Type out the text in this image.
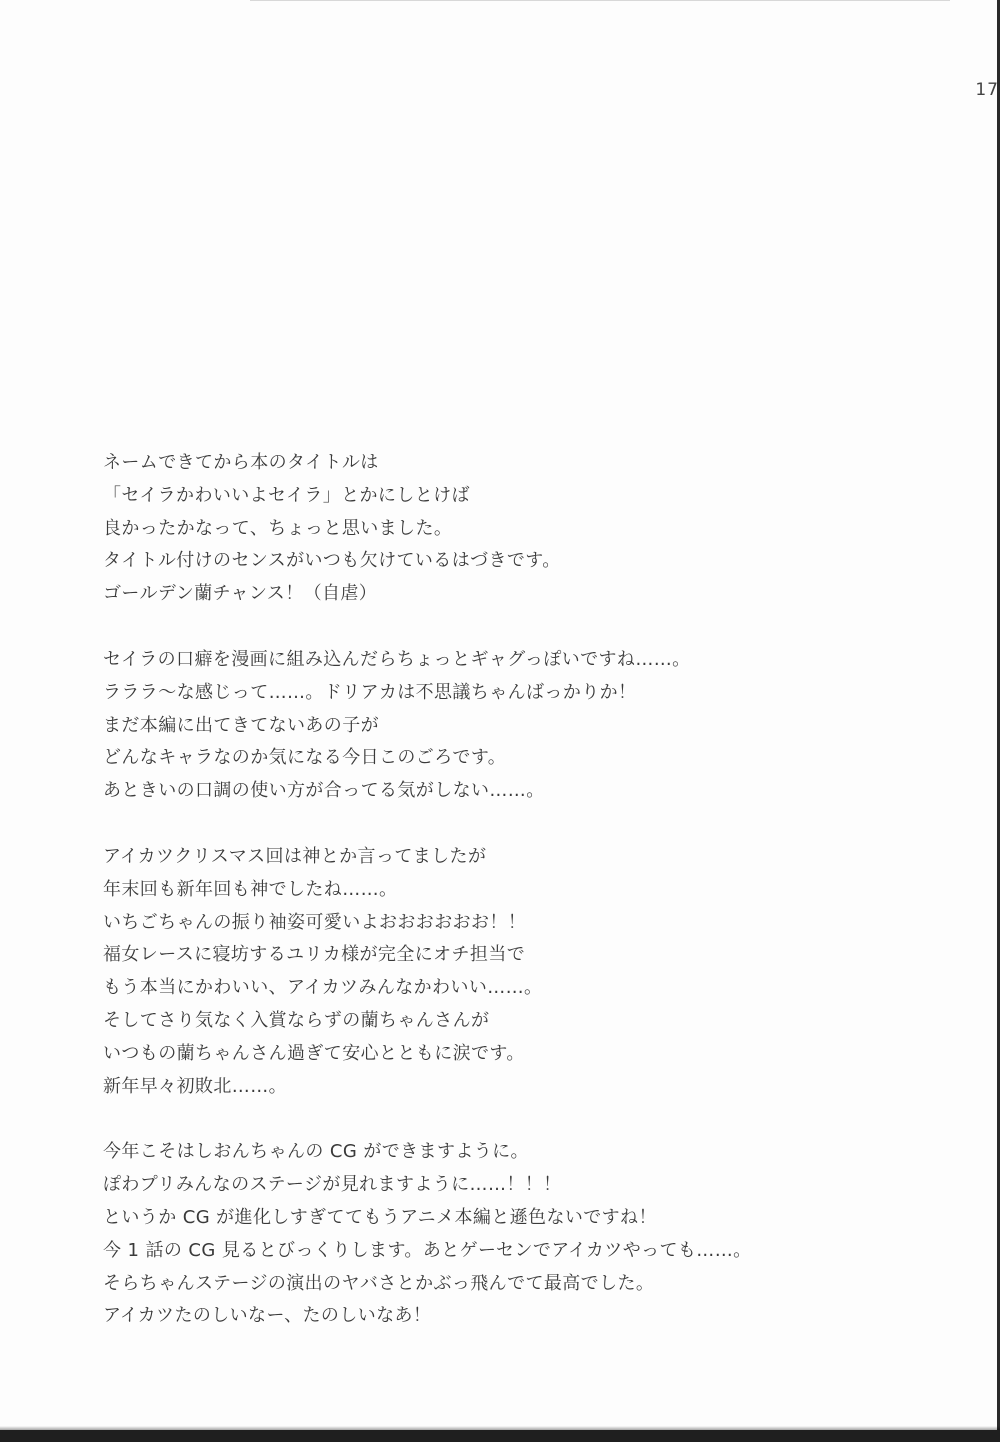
17
ネームできてから本のタイトルは
「セイラかわいいよセイラ」とかにしとけば
良かったかなって、ちょっと思いました。
タイトル付けのセンスがいつも欠けているはづきです。
ゴールデン蘭チャンス！（自虐）
セイラの口癖を漫画に組み込んだらちょっとギャグっぽいですね……。
ラララ～な感じって……。ドリアカは不思議ちゃんばっかりか！
まだ本編に出てきてないあの子が
どんなキャラなのか気になる今日このごろです。
あときいの口調の使い方が合ってる気がしない……。
アイカツクリスマス回は神とか言ってましたが
年末回も新年回も神でしたね……。
いちごちゃんの振り袖姿可愛いよおおおおおお！！
福女レースに寝坊するユリカ様が完全にオチ担当で
もう本当にかわいい、アイカツみんなかわいい……。
そしてさり気なく入賞ならずの蘭ちゃんさんが
いつもの蘭ちゃんさん過ぎて安心とともに涙です。
新年早々初敗北……。
今年こそはしおんちゃんの CG ができますように。
ぽわプリみんなのステージが見れますように……！！！
というか CG が進化しすぎててもうアニメ本編と遜色ないですね！
今 1 話の CG 見るとびっくりします。あとゲーセンでアイカツやっても……。
そらちゃんステージの演出のヤバさとかぶっ飛んでて最高でした。
アイカツたのしいなー、たのしいなあ！
